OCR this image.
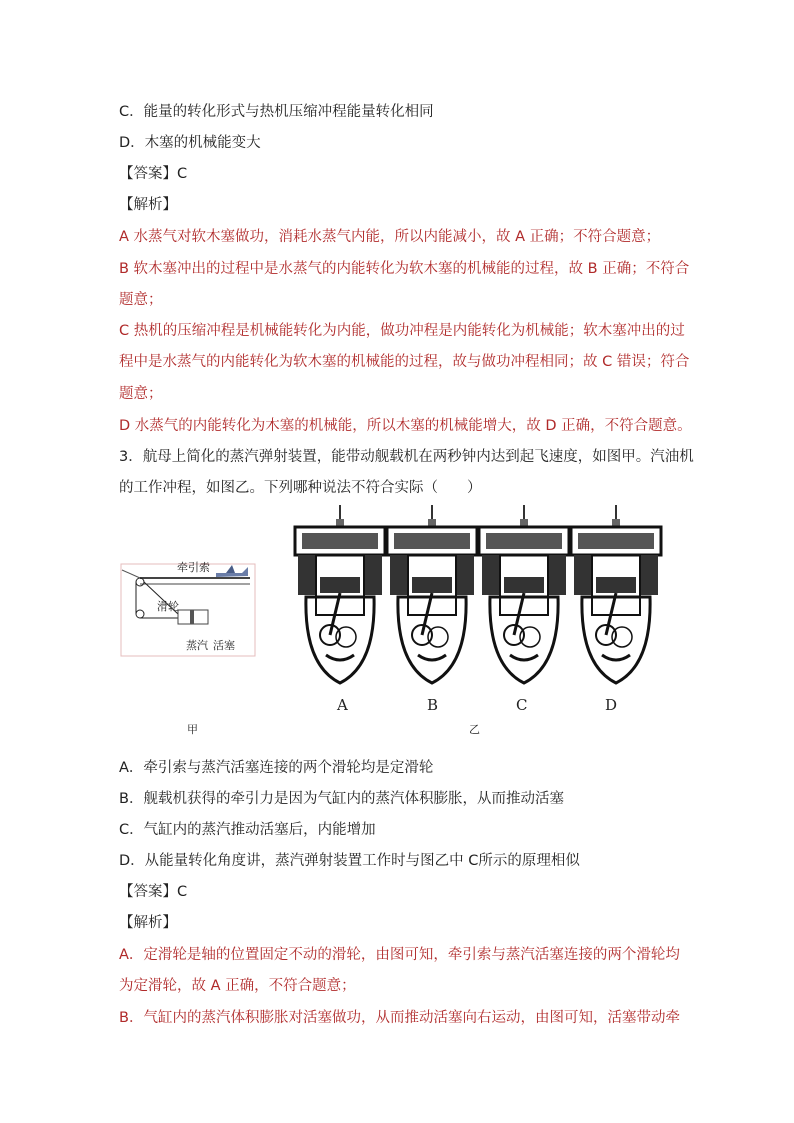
C．能量的转化形式与热机压缩冲程能量转化相同
D．木塞的机械能变大
【答案】C
【解析】
A 水蒸气对软木塞做功，消耗水蒸气内能，所以内能减小，故 A 正确；不符合题意；
B 软木塞冲出的过程中是水蒸气的内能转化为软木塞的机械能的过程，故 B 正确；不符合
题意；
C 热机的压缩冲程是机械能转化为内能，做功冲程是内能转化为机械能；软木塞冲出的过
程中是水蒸气的内能转化为软木塞的机械能的过程，故与做功冲程相同；故 C 错误；符合
题意；
D 水蒸气的内能转化为木塞的机械能，所以木塞的机械能增大，故 D 正确，不符合题意。
3．航母上简化的蒸汽弹射装置，能带动舰载机在两秒钟内达到起飞速度，如图甲。汽油机
的工作冲程，如图乙。下列哪种说法不符合实际（　　）
牵引索
滑轮
蒸汽 活塞
甲
A	B	C	D
乙
A．牵引索与蒸汽活塞连接的两个滑轮均是定滑轮
B．舰载机获得的牵引力是因为气缸内的蒸汽体积膨胀，从而推动活塞
C．气缸内的蒸汽推动活塞后，内能增加
D．从能量转化角度讲，蒸汽弹射装置工作时与图乙中 C所示的原理相似
【答案】C
【解析】
A．定滑轮是轴的位置固定不动的滑轮，由图可知，牵引索与蒸汽活塞连接的两个滑轮均
为定滑轮，故 A 正确，不符合题意；
B．气缸内的蒸汽体积膨胀对活塞做功，从而推动活塞向右运动，由图可知，活塞带动牵
